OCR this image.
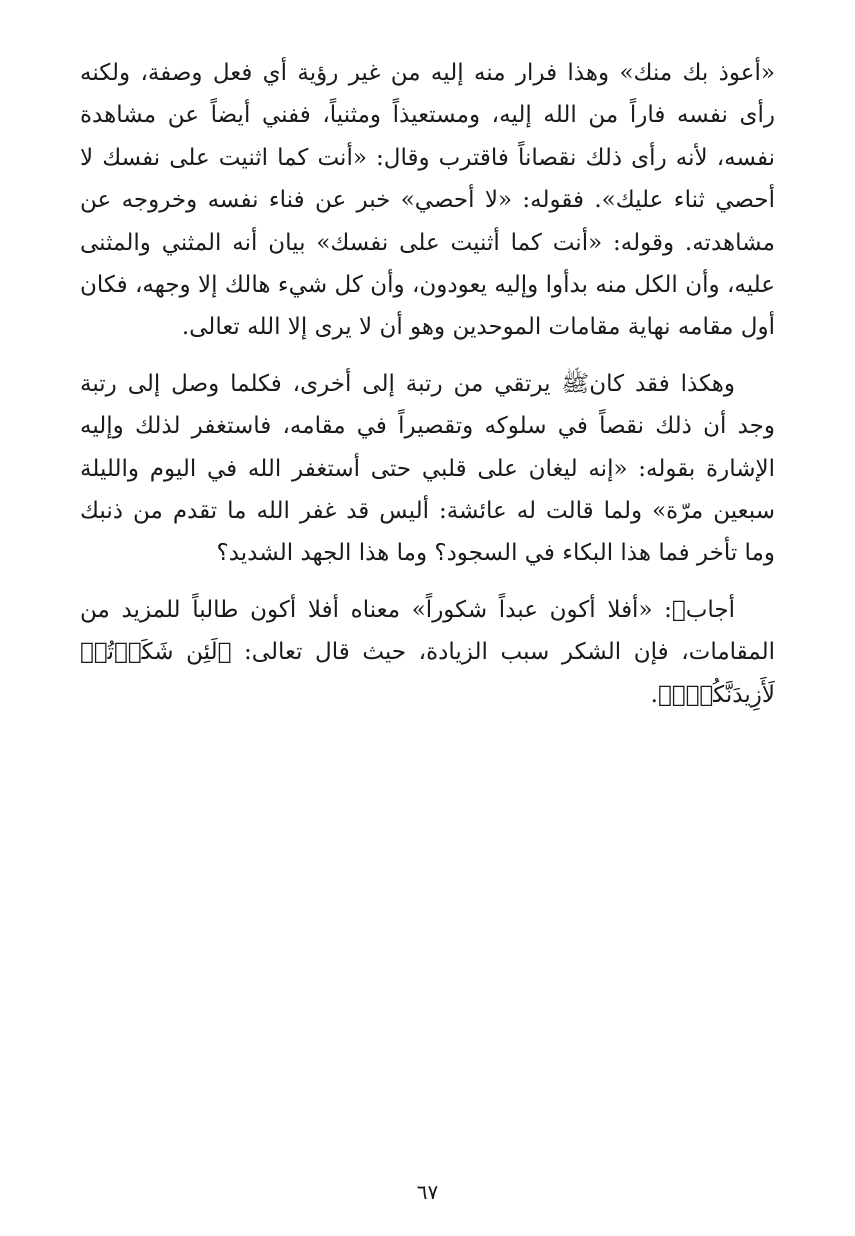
«أعوذ بك منك» وهذا فرار منه إليه من غير رؤية أي فعل وصفة، ولكنه رأى نفسه فاراً من الله إليه، ومستعيذاً ومثنياً، ففني أيضاً عن مشاهدة نفسه، لأنه رأى ذلك نقصاناً فاقترب وقال: «أنت كما اثنيت على نفسك لا أحصي ثناء عليك». فقوله: «لا أحصي» خبر عن فناء نفسه وخروجه عن مشاهدته. وقوله: «أنت كما أثنيت على نفسك» بيان أنه المثني والمثنى عليه، وأن الكل منه بدأوا وإليه يعودون، وأن كل شيء هالك إلا وجهه، فكان أول مقامه نهاية مقامات الموحدين وهو أن لا يرى إلا الله تعالى.

وهكذا فقد كانﷺ يرتقي من رتبة إلى أخرى، فكلما وصل إلى رتبة وجد أن ذلك نقصاً في سلوكه وتقصيراً في مقامه، فاستغفر لذلك وإليه الإشارة بقوله: «إنه ليغان على قلبي حتى أستغفر الله في اليوم والليلة سبعين مرّة» ولما قالت له عائشة: أليس قد غفر الله ما تقدم من ذنبك وما تأخر فما هذا البكاء في السجود؟ وما هذا الجهد الشديد؟

أجابﷺ: «أفلا أكون عبداً شكوراً» معناه أفلا أكون طالباً للمزيد من المقامات، فإن الشكر سبب الزيادة، حيث قال تعالى: ﴿لَئِن شَكَرۡتُمۡ لَأَزِيدَنَّكُمۡۖ﴾.

٦٧
